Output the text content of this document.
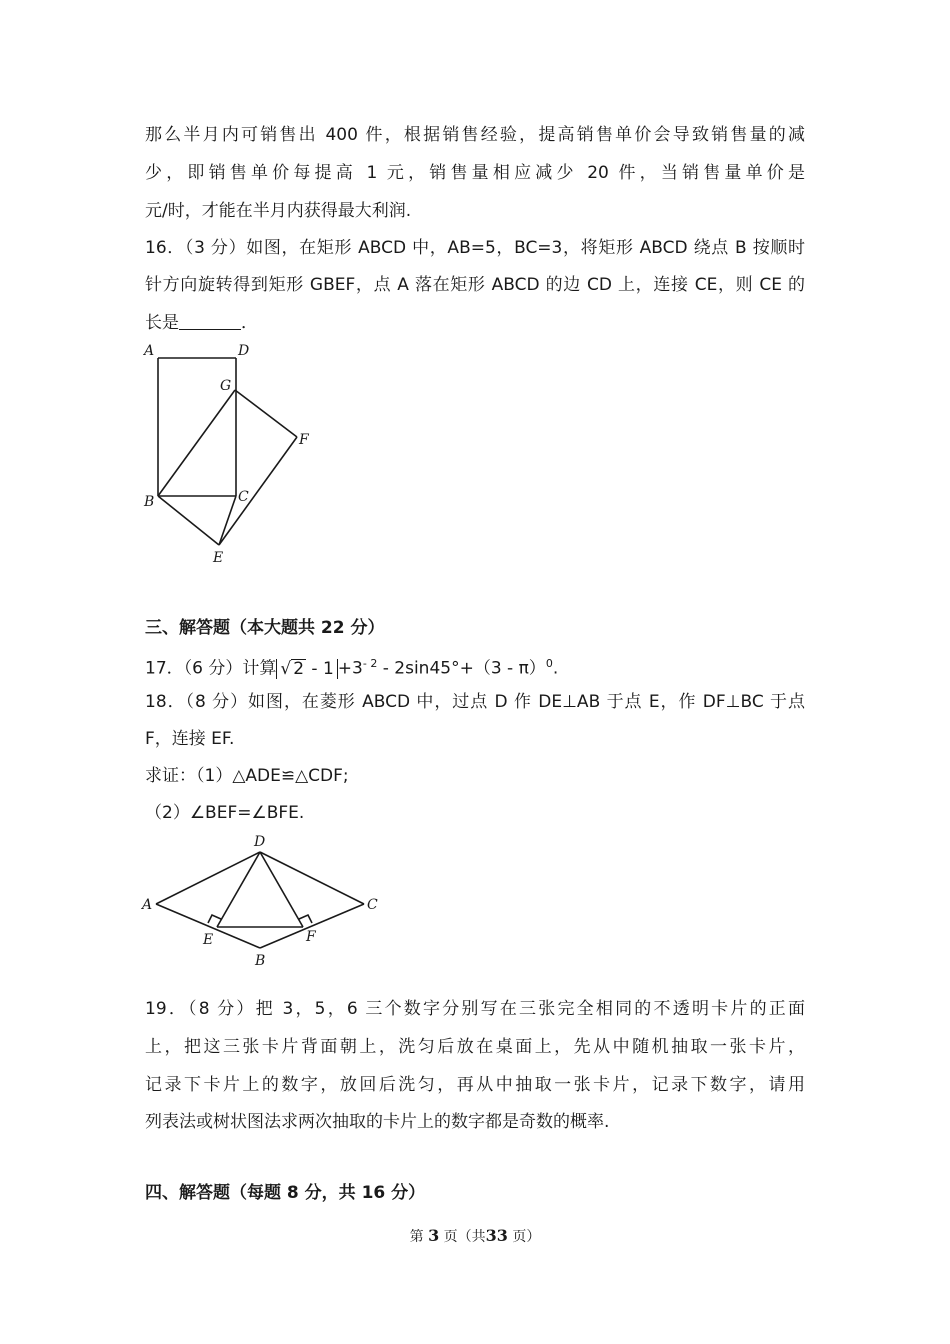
那么半月内可销售出 400 件，根据销售经验，提高销售单价会导致销售量的减
少，即销售单价每提高 1 元，销售量相应减少 20 件，当销售量单价是
元/时，才能在半月内获得最大利润.
16．（3 分）如图，在矩形 ABCD 中，AB=5，BC=3，将矩形 ABCD 绕点 B 按顺时
针方向旋转得到矩形 GBEF，点 A 落在矩形 ABCD 的边 CD 上，连接 CE，则 CE 的
长是	．
A	D
G
F
B	C
E
三、解答题（本大题共 22 分）
17．（6 分）计算 √ $2 - 1 +3^{- 2} - 2\sin 45^\circ+(3 - \pi)^0$.
18．（8 分）如图，在菱形 ABCD 中，过点 D 作 DE⊥AB 于点 E，作 DF⊥BC 于点
F，连接 EF.
求证：（1）△ADE≌△CDF;
（2）∠BEF=∠BFE.
D
A	C
E	F
B
19．（8 分）把 3，5，6 三个数字分别写在三张完全相同的不透明卡片的正面
上，把这三张卡片背面朝上，洗匀后放在桌面上，先从中随机抽取一张卡片，
记录下卡片上的数字，放回后洗匀，再从中抽取一张卡片，记录下数字，请用
列表法或树状图法求两次抽取的卡片上的数字都是奇数的概率.
四、解答题（每题 8 分，共 16 分）
第 3 页（共33 页）
